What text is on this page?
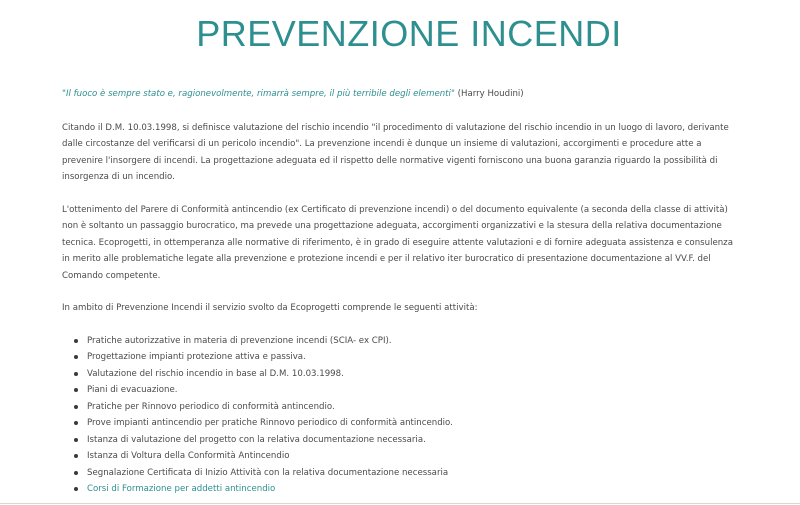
PREVENZIONE INCENDI

"Il fuoco è sempre stato e, ragionevolmente, rimarrà sempre, il più terribile degli elementi" (Harry Houdini)

Citando il D.M. 10.03.1998, si definisce valutazione del rischio incendio "il procedimento di valutazione del rischio incendio in un luogo di lavoro, derivante dalle circostanze del verificarsi di un pericolo incendio". La prevenzione incendi è dunque un insieme di valutazioni, accorgimenti e procedure atte a prevenire l'insorgere di incendi. La progettazione adeguata ed il rispetto delle normative vigenti forniscono una buona garanzia riguardo la possibilità di insorgenza di un incendio.

L'ottenimento del Parere di Conformità antincendio (ex Certificato di prevenzione incendi) o del documento equivalente (a seconda della classe di attività) non è soltanto un passaggio burocratico, ma prevede una progettazione adeguata, accorgimenti organizzativi e la stesura della relativa documentazione tecnica. Ecoprogetti, in ottemperanza alle normative di riferimento, è in grado di eseguire attente valutazioni e di fornire adeguata assistenza e consulenza in merito alle problematiche legate alla prevenzione e protezione incendi e per il relativo iter burocratico di presentazione documentazione al VV.F. del Comando competente.

In ambito di Prevenzione Incendi il servizio svolto da Ecoprogetti comprende le seguenti attività:

Pratiche autorizzative in materia di prevenzione incendi (SCIA- ex CPI).
Progettazione impianti protezione attiva e passiva.
Valutazione del rischio incendio in base al D.M. 10.03.1998.
Piani di evacuazione.
Pratiche per Rinnovo periodico di conformità antincendio.
Prove impianti antincendio per pratiche Rinnovo periodico di conformità antincendio.
Istanza di valutazione del progetto con la relativa documentazione necessaria.
Istanza di Voltura della Conformità Antincendio
Segnalazione Certificata di Inizio Attività con la relativa documentazione necessaria
Corsi di Formazione per addetti antincendio
